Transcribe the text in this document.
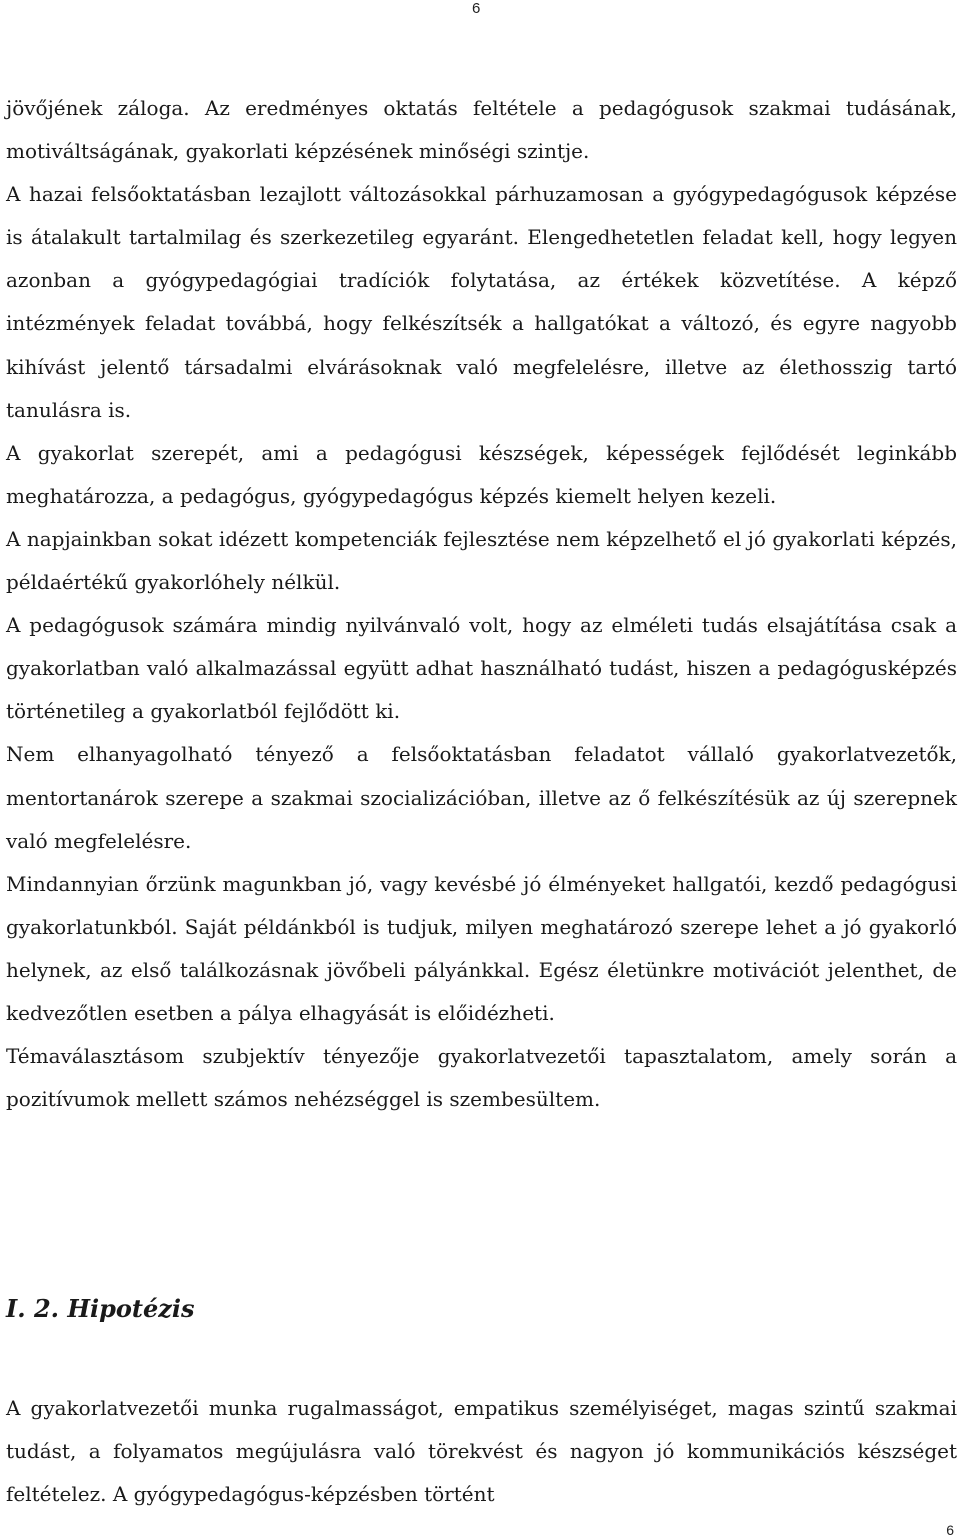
6

jövőjének záloga. Az eredményes oktatás feltétele a pedagógusok szakmai tudásának, motiváltságának, gyakorlati képzésének minőségi szintje.

A hazai felsőoktatásban lezajlott változásokkal párhuzamosan a gyógypedagógusok képzése is átalakult tartalmilag és szerkezetileg egyaránt. Elengedhetetlen feladat kell, hogy legyen azonban a gyógypedagógiai tradíciók folytatása, az értékek közvetítése. A képző intézmények feladat továbbá, hogy felkészítsék a hallgatókat a változó, és egyre nagyobb kihívást jelentő társadalmi elvárásoknak való megfelelésre, illetve az élethosszig tartó tanulásra is.

A gyakorlat szerepét, ami a pedagógusi készségek, képességek fejlődését leginkább meghatározza, a pedagógus, gyógypedagógus képzés kiemelt helyen kezeli.

A napjainkban sokat idézett kompetenciák fejlesztése nem képzelhető el jó gyakorlati képzés, példaértékű gyakorlóhely nélkül.

A pedagógusok számára mindig nyilvánvaló volt, hogy az elméleti tudás elsajátítása csak a gyakorlatban való alkalmazással együtt adhat használható tudást, hiszen a pedagógusképzés történetileg a gyakorlatból fejlődött ki.

Nem elhanyagolható tényező a felsőoktatásban feladatot vállaló gyakorlatvezetők, mentortanárok szerepe a szakmai szocializációban, illetve az ő felkészítésük az új szerepnek való megfelelésre.

Mindannyian őrzünk magunkban jó, vagy kevésbé jó élményeket hallgatói, kezdő pedagógusi gyakorlatunkból. Saját példánkból is tudjuk, milyen meghatározó szerepe lehet a jó gyakorló helynek, az első találkozásnak jövőbeli pályánkkal. Egész életünkre motivációt jelenthet, de kedvezőtlen esetben a pálya elhagyását is előidézheti.

Témaválasztásom szubjektív tényezője gyakorlatvezetői tapasztalatom, amely során a pozitívumok mellett számos nehézséggel is szembesültem.

I. 2. Hipotézis

A gyakorlatvezetői munka rugalmasságot, empatikus személyiséget, magas szintű szakmai tudást, a folyamatos megújulásra való törekvést és nagyon jó kommunikációs készséget feltételez. A gyógypedagógus-képzésben történt

6
